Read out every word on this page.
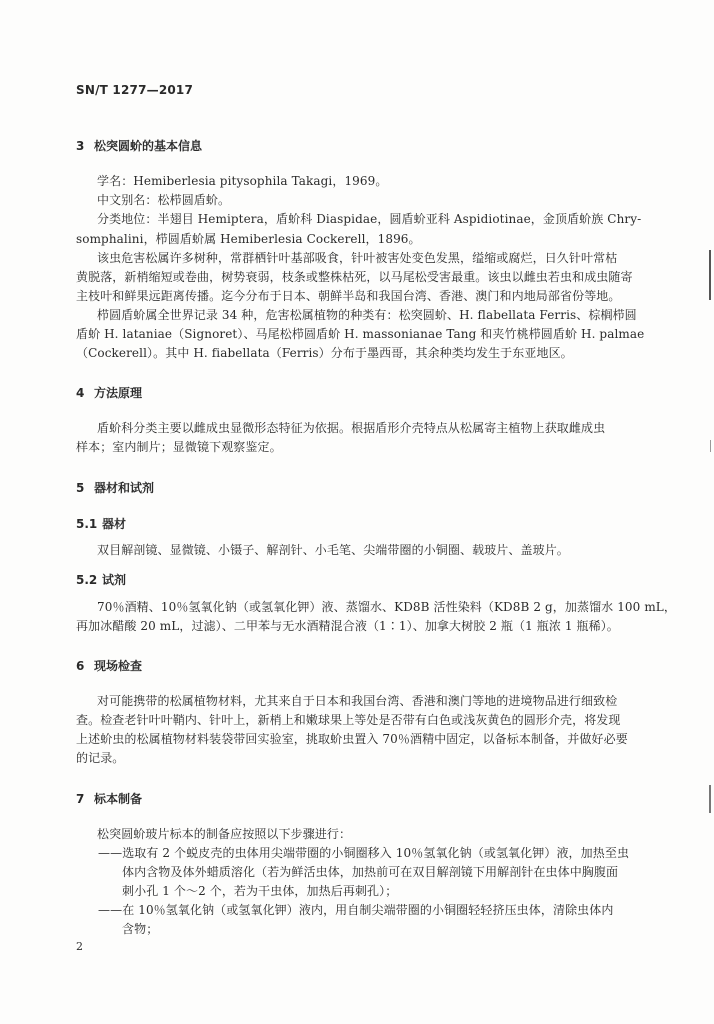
SN/T 1277—2017
3 松突圆蚧的基本信息
学名：Hemiberlesia pitysophila Takagi，1969。
中文别名：松栉圆盾蚧。
分类地位：半翅目 Hemiptera，盾蚧科 Diaspidae，圆盾蚧亚科 Aspidiotinae，金顶盾蚧族 Chry-
somphalini，栉圆盾蚧属 Hemiberlesia Cockerell，1896。
该虫危害松属许多树种，常群栖针叶基部吸食，针叶被害处变色发黑，缢缩或腐烂，日久针叶常枯
黄脱落，新梢缩短或卷曲，树势衰弱，枝条或整株枯死，以马尾松受害最重。该虫以雌虫若虫和成虫随寄
主枝叶和鲜果远距离传播。迄今分布于日本、朝鲜半岛和我国台湾、香港、澳门和内地局部省份等地。
栉圆盾蚧属全世界记录 34 种，危害松属植物的种类有：松突圆蚧、H. flabellata Ferris、棕榈栉圆
盾蚧 H. lataniae（Signoret）、马尾松栉圆盾蚧 H. massonianae Tang 和夹竹桃栉圆盾蚧 H. palmae
（Cockerell）。其中 H. fiabellata（Ferris）分布于墨西哥，其余种类均发生于东亚地区。
4 方法原理
盾蚧科分类主要以雌成虫显微形态特征为依据。根据盾形介壳特点从松属寄主植物上获取雌成虫
样本；室内制片；显微镜下观察鉴定。
5 器材和试剂
5.1 器材
双目解剖镜、显微镜、小镊子、解剖针、小毛笔、尖端带圈的小铜圈、载玻片、盖玻片。
5.2 试剂
70％酒精、10％氢氧化钠（或氢氧化钾）液、蒸馏水、KD8B 活性染料（KD8B 2 g，加蒸馏水 100 mL，
再加冰醋酸 20 mL，过滤）、二甲苯与无水酒精混合液（1∶1）、加拿大树胶 2 瓶（1 瓶浓 1 瓶稀）。
6 现场检查
对可能携带的松属植物材料，尤其来自于日本和我国台湾、香港和澳门等地的进境物品进行细致检
查。检查老针叶叶鞘内、针叶上，新梢上和嫩球果上等处是否带有白色或浅灰黄色的圆形介壳，将发现
上述蚧虫的松属植物材料装袋带回实验室，挑取蚧虫置入 70％酒精中固定，以备标本制备，并做好必要
的记录。
7 标本制备
松突圆蚧玻片标本的制备应按照以下步骤进行：
——选取有 2 个蜕皮壳的虫体用尖端带圈的小铜圈移入 10％氢氧化钠（或氢氧化钾）液，加热至虫
体内含物及体外蜡质溶化（若为鲜活虫体，加热前可在双目解剖镜下用解剖针在虫体中胸腹面
刺小孔 1 个～2 个，若为干虫体，加热后再刺孔）；
——在 10％氢氧化钠（或氢氧化钾）液内，用自制尖端带圈的小铜圈轻轻挤压虫体，清除虫体内
含物；
2
